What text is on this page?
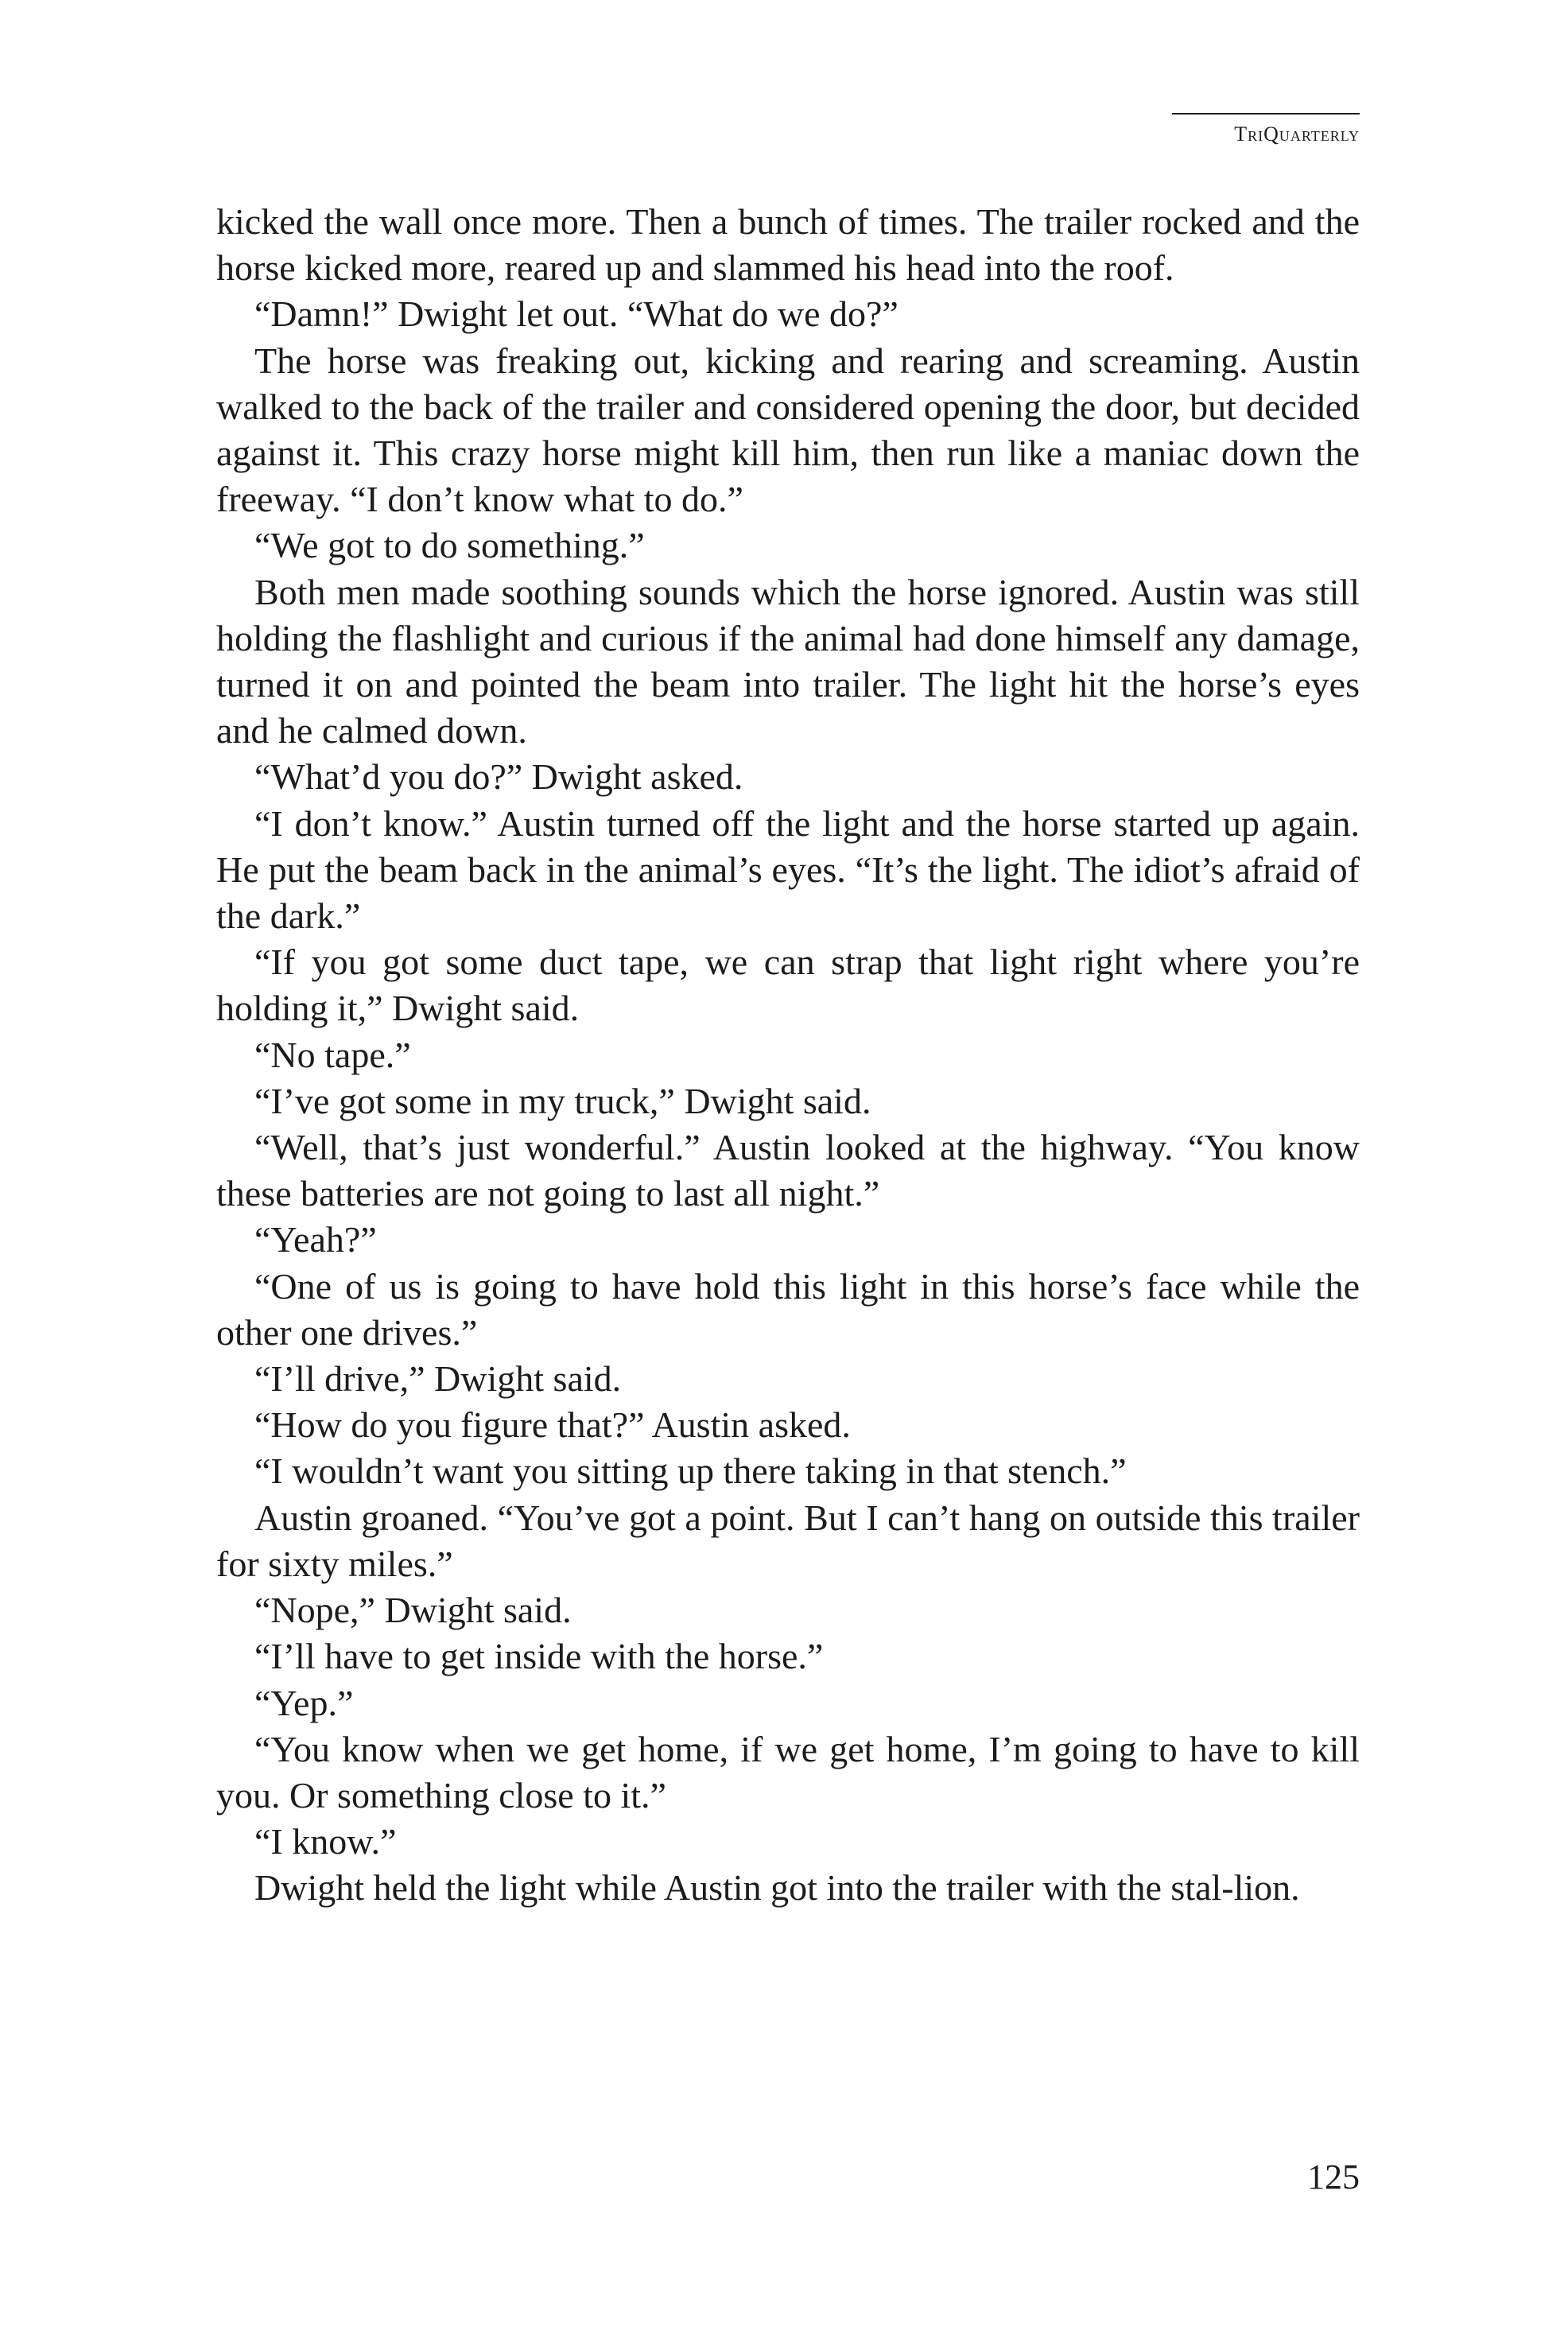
TriQuarterly

kicked the wall once more. Then a bunch of times. The trailer rocked and the horse kicked more, reared up and slammed his head into the roof.

“Damn!” Dwight let out. “What do we do?”

The horse was freaking out, kicking and rearing and screaming. Austin walked to the back of the trailer and considered opening the door, but decided against it. This crazy horse might kill him, then run like a maniac down the freeway. “I don’t know what to do.”

“We got to do something.”

Both men made soothing sounds which the horse ignored. Austin was still holding the flashlight and curious if the animal had done himself any damage, turned it on and pointed the beam into trailer. The light hit the horse’s eyes and he calmed down.

“What’d you do?” Dwight asked.

“I don’t know.” Austin turned off the light and the horse started up again. He put the beam back in the animal’s eyes. “It’s the light. The idiot’s afraid of the dark.”

“If you got some duct tape, we can strap that light right where you’re holding it,” Dwight said.

“No tape.”

“I’ve got some in my truck,” Dwight said.

“Well, that’s just wonderful.” Austin looked at the highway. “You know these batteries are not going to last all night.”

“Yeah?”

“One of us is going to have hold this light in this horse’s face while the other one drives.”

“I’ll drive,” Dwight said.

“How do you figure that?” Austin asked.

“I wouldn’t want you sitting up there taking in that stench.”

Austin groaned. “You’ve got a point. But I can’t hang on outside this trailer for sixty miles.”

“Nope,” Dwight said.

“I’ll have to get inside with the horse.”

“Yep.”

“You know when we get home, if we get home, I’m going to have to kill you. Or something close to it.”

“I know.”

Dwight held the light while Austin got into the trailer with the stal-lion.

125
